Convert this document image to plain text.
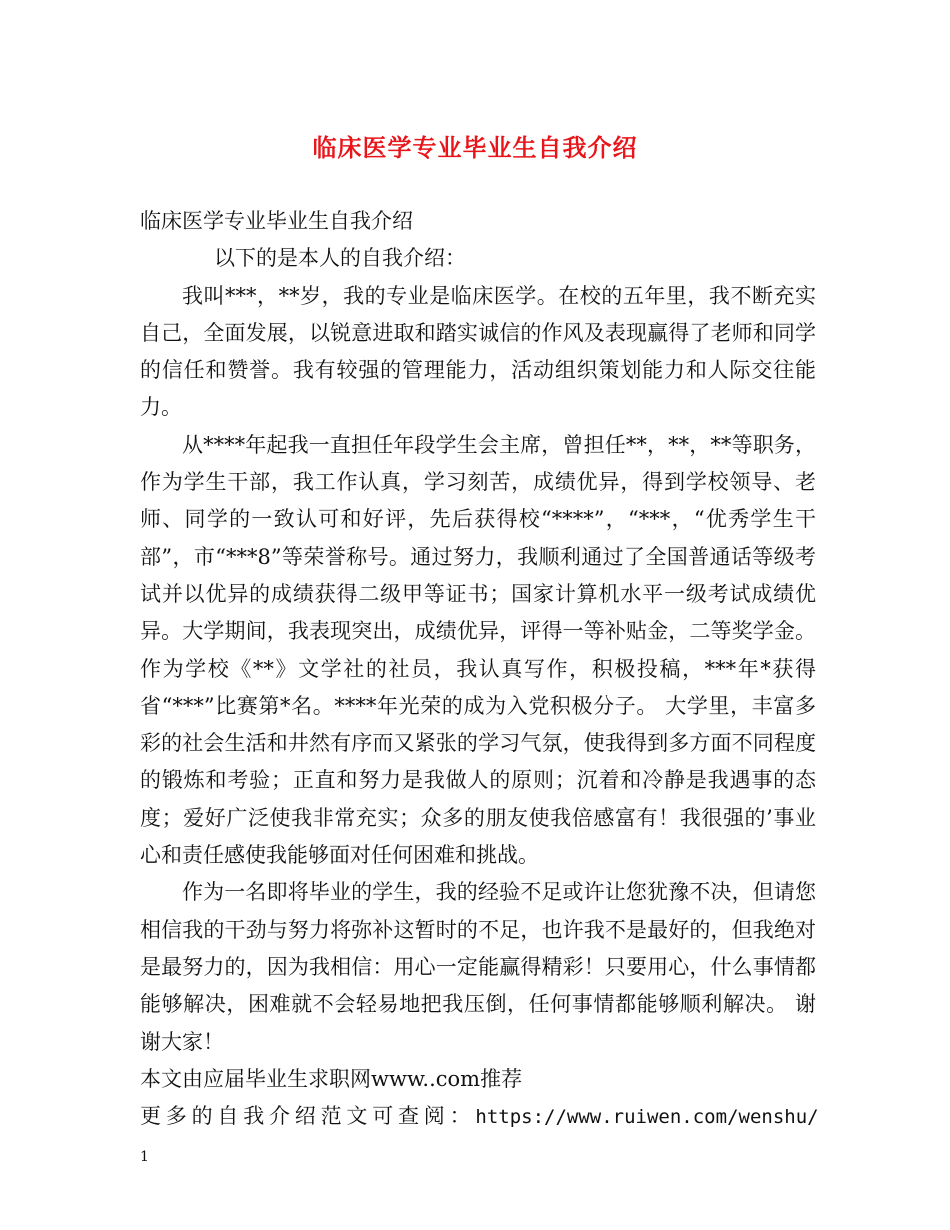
临床医学专业毕业生自我介绍
临床医学专业毕业生自我介绍
以下的是本人的自我介绍：
我叫***，**岁，我的专业是临床医学。在校的五年里，我不断充实自己，全面发展，以锐意进取和踏实诚信的作风及表现赢得了老师和同学的信任和赞誉。我有较强的管理能力，活动组织策划能力和人际交往能力。
从****年起我一直担任年段学生会主席，曾担任**，**，**等职务，作为学生干部，我工作认真，学习刻苦，成绩优异，得到学校领导、老师、同学的一致认可和好评，先后获得校“****”，“***，“优秀学生干部”，市“***8”等荣誉称号。通过努力，我顺利通过了全国普通话等级考试并以优异的成绩获得二级甲等证书；国家计算机水平一级考试成绩优异。大学期间，我表现突出，成绩优异，评得一等补贴金，二等奖学金。作为学校《**》文学社的社员，我认真写作，积极投稿，***年*获得省“***”比赛第*名。****年光荣的成为入党积极分子。 大学里，丰富多彩的社会生活和井然有序而又紧张的学习气氛，使我得到多方面不同程度的锻炼和考验；正直和努力是我做人的原则；沉着和冷静是我遇事的态度；爱好广泛使我非常充实；众多的朋友使我倍感富有！我很强的’事业心和责任感使我能够面对任何困难和挑战。
作为一名即将毕业的学生，我的经验不足或许让您犹豫不决，但请您相信我的干劲与努力将弥补这暂时的不足，也许我不是最好的，但我绝对是最努力的，因为我相信：用心一定能赢得精彩！只要用心，什么事情都能够解决，困难就不会轻易地把我压倒，任何事情都能够顺利解决。 谢谢大家！
本文由应届毕业生求职网www..com推荐
更多的自我介绍范文可查阅：https://www.ruiwen.com/wenshu/
1
